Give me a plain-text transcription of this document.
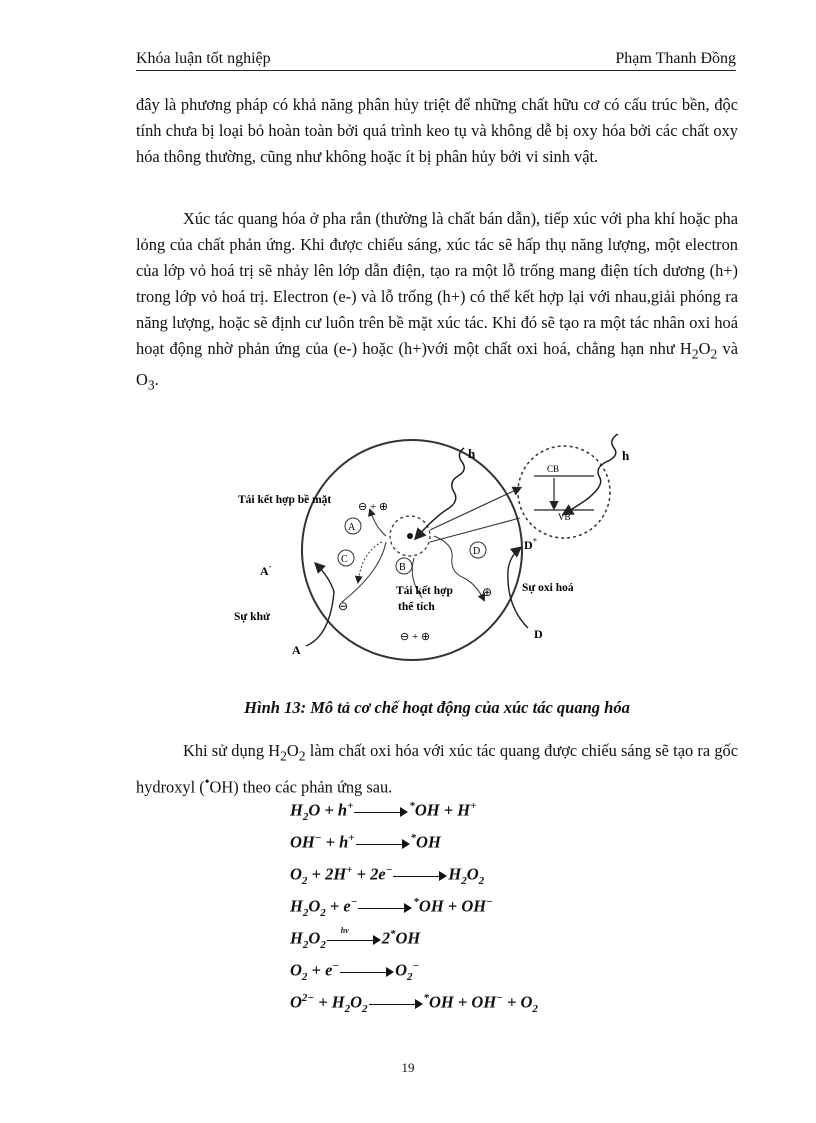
Khóa luận tốt nghiệp	Phạm Thanh Đồng

đây là phương pháp có khả năng phân hủy triệt để những chất hữu cơ có cấu trúc bền, độc tính chưa bị loại bỏ hoàn toàn bởi quá trình keo tụ và không dễ bị oxy hóa bởi các chất oxy hóa thông thường, cũng như không hoặc ít bị phân hủy bởi vi sinh vật.

Xúc tác quang hóa ở pha rắn (thường là chất bán dẫn), tiếp xúc với pha khí hoặc pha lỏng của chất phản ứng. Khi được chiếu sáng, xúc tác sẽ hấp thụ năng lượng, một electron của lớp vỏ hoá trị sẽ nhảy lên lớp dẫn điện, tạo ra một lỗ trống mang điện tích dương (h+) trong lớp vỏ hoá trị. Electron (e-) và lỗ trống (h+) có thể kết hợp lại với nhau,giải phóng ra năng lượng, hoặc sẽ định cư luôn trên bề mặt xúc tác. Khi đó sẽ tạo ra một tác nhân oxi hoá hoạt động nhờ phản ứng của (e-) hoặc (h+)với một chất oxi hoá, chẳng hạn như $H_2O_2$ và $O_3$.

CB
VB
h	h
Tái kết hợp bề mặt
⊖ + ⊕
A
C
B
D
⊖
⊕
Tái kết hợp
thể tích
⊖ + ⊕
A-
Sự khử
A
D+
Sự oxi hoá
D
Hình 13: Mô tả cơ chế hoạt động của xúc tác quang hóa

Khi sử dụng $H_2O_2$ làm chất oxi hóa với xúc tác quang được chiếu sáng sẽ tạo ra gốc hydroxyl (•OH) theo các phản ứng sau.

$H_2O + h^+$	*OH + H+
OH− + h+	*OH
$O_2 + 2H^+ + 2e^-$	$H_2O_2$
$H_2O_2 + e^-$	*OH + OH−
$H_2O_2$
hν 2*OH
$O_2 + e^-$	$O_2^-$
$O^{2-} + H_2O_2^*OH + OH^- + O_2$
19
